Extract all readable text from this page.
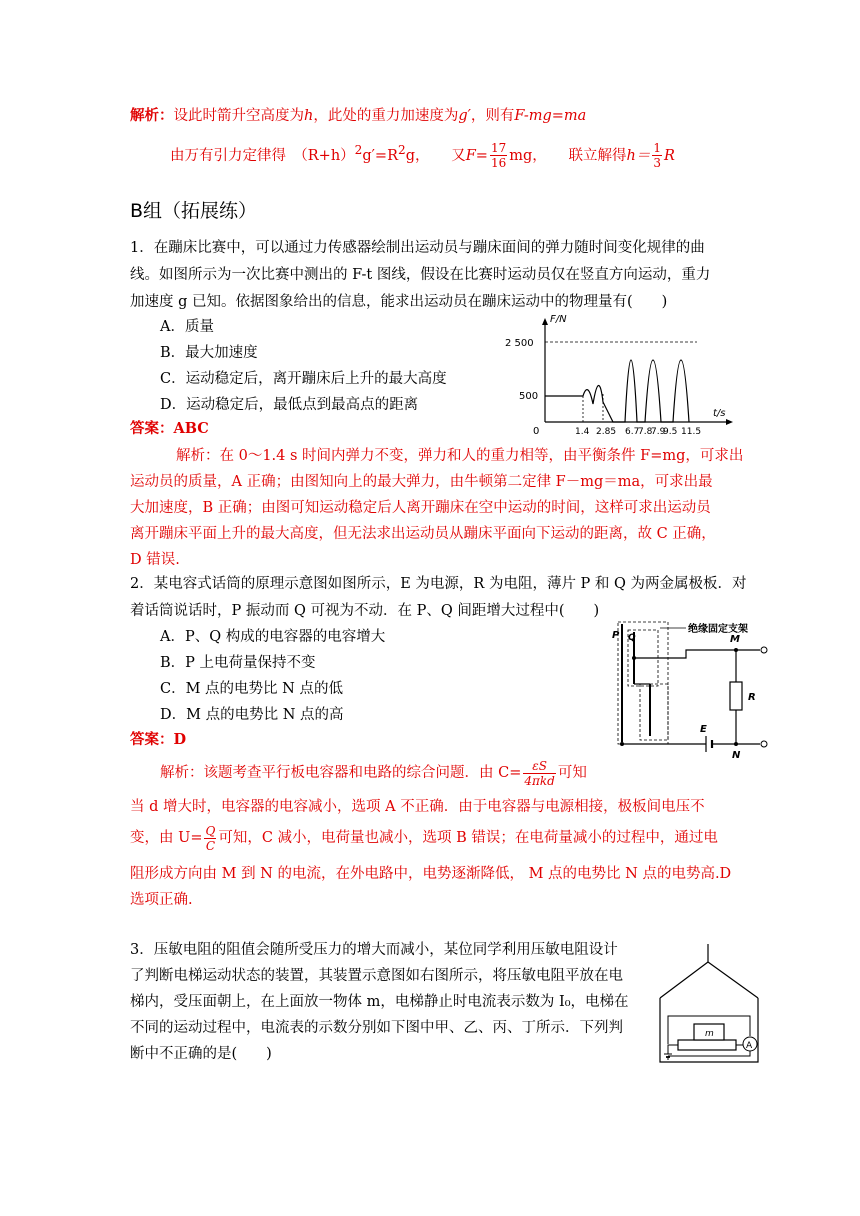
解析：设此时箭升空高度为h，此处的重力加速度为g′，则有F-mg=ma
由万有引力定律得　$(R+h)^2g'=R^2g$，　　又$F= \frac{17}{16}$ mg，　　联立解得$h= \frac{1}{3}$ R
B组（拓展练）
1．在蹦床比赛中，可以通过力传感器绘制出运动员与蹦床面间的弹力随时间变化规律的曲
线。如图所示为一次比赛中测出的 F-t 图线，假设在比赛时运动员仅在竖直方向运动，重力
加速度 g 已知。依据图象给出的信息，能求出运动员在蹦床运动中的物理量有(　　)
A．质量
B．最大加速度
C．运动稳定后，离开蹦床后上升的最大高度
D．运动稳定后，最低点到最高点的距离
答案：ABC
解析：在 0～1.4 s 时间内弹力不变，弹力和人的重力相等，由平衡条件 F=mg，可求出
运动员的质量，A 正确；由图知向上的最大弹力，由牛顿第二定律 F－mg＝ma，可求出最
大加速度，B 正确；由图可知运动稳定后人离开蹦床在空中运动的时间，这样可求出运动员
离开蹦床平面上升的最大高度，但无法求出运动员从蹦床平面向下运动的距离，故 C 正确，
D 错误.
F/N
2 500
500
0
t/s
1.4 2.85 6.7
7.8
7.9
9.5 11.5
2．某电容式话筒的原理示意图如图所示，E 为电源，R 为电阻，薄片 P 和 Q 为两金属极板．对
着话筒说话时，P 振动而 Q 可视为不动．在 P、Q 间距增大过程中(　　)
A．P、Q 构成的电容器的电容增大
B．P 上电荷量保持不变
C．M 点的电势比 N 点的低
D．M 点的电势比 N 点的高
答案：D
解析：该题考查平行板电容器和电路的综合问题．由 $C= \frac{\varepsilon S}{\text{4πkd}}$ 可知
当 d 增大时，电容器的电容减小，选项 A 不正确．由于电容器与电源相接，极板间电压不
变，由 $U= \frac{Q}{C}$ 可知，C 减小，电荷量也减小，选项 B 错误；在电荷量减小的过程中，通过电
阻形成方向由 M 到 N 的电流，在外电路中，电势逐渐降低， M 点的电势比 N 点的电势高.D
选项正确.
P Q
绝缘固定支架
M
R
E
N
3．压敏电阻的阻值会随所受压力的增大而减小，某位同学利用压敏电阻设计
了判断电梯运动状态的装置，其装置示意图如右图所示，将压敏电阻平放在电
梯内，受压面朝上，在上面放一物体 m，电梯静止时电流表示数为 I₀，电梯在
不同的运动过程中，电流表的示数分别如下图中甲、乙、丙、丁所示．下列判
断中不正确的是(　　)
m
A
